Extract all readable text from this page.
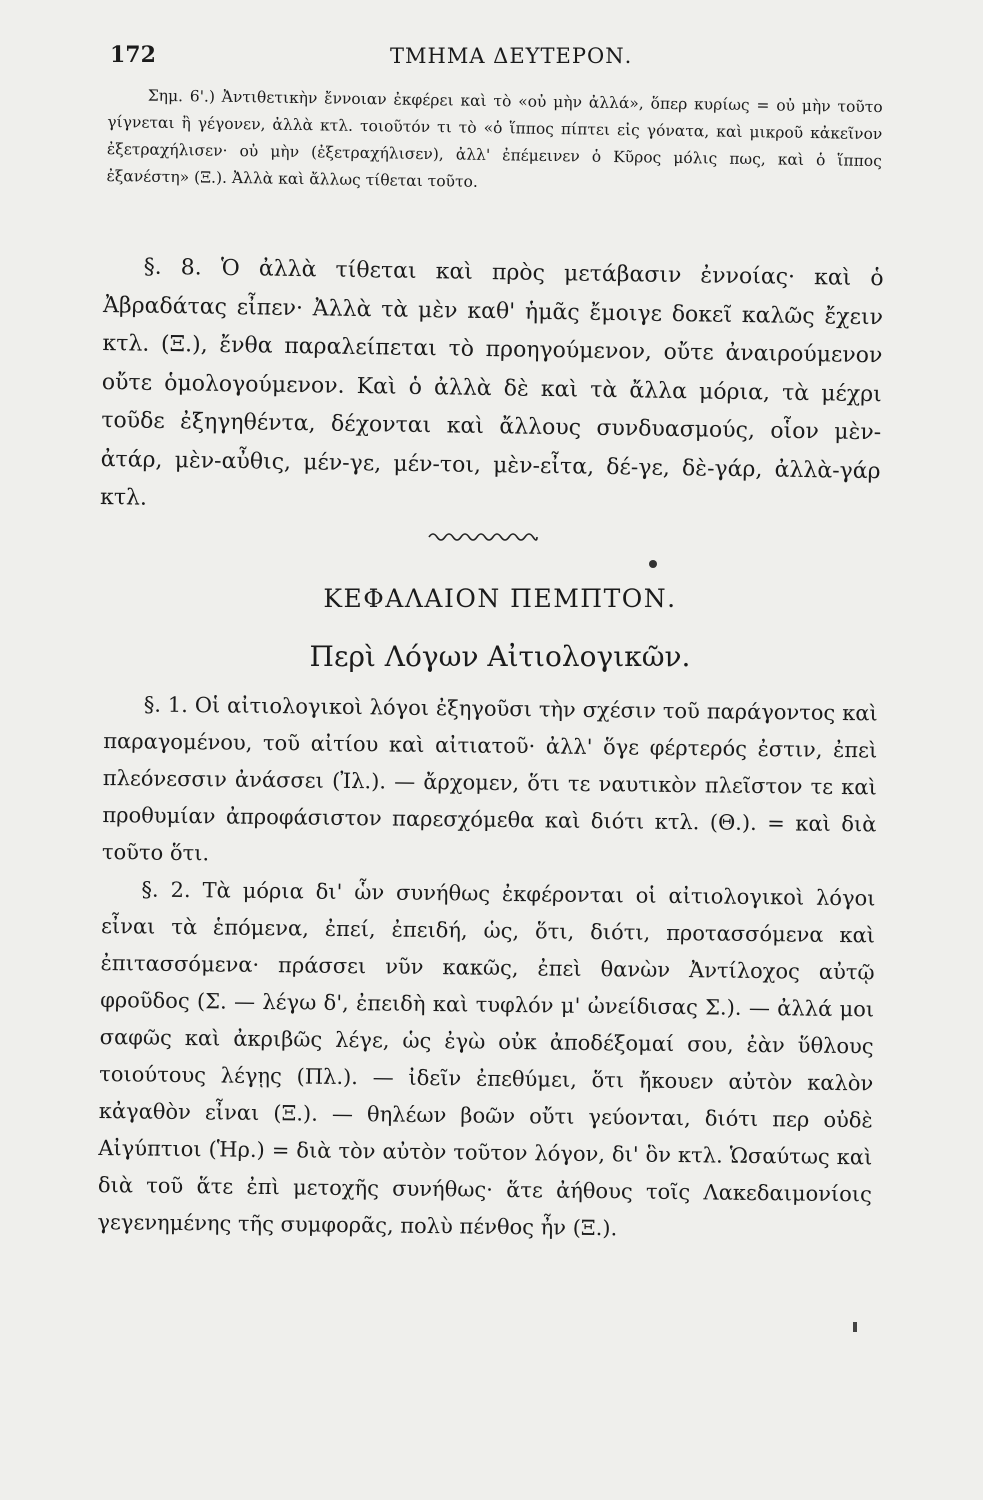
172	ΤΜΗΜΑ ΔΕΥΤΕΡΟΝ.

Σημ. 6'.) Ἀντιθετικὴν ἔννοιαν ἐκφέρει καὶ τὸ «οὐ μὴν ἀλλά», ὅπερ κυρίως = οὐ μὴν τοῦτο γίγνεται ἢ γέγονεν, ἀλλὰ κτλ. τοιοῦτόν τι τὸ «ὁ ἵππος πίπτει εἰς γόνατα, καὶ μικροῦ κἀκεῖνον ἐξετραχήλισεν· οὐ μὴν (ἐξετραχήλισεν), ἀλλ' ἐπέμεινεν ὁ Κῦρος μόλις πως, καὶ ὁ ἵππος ἐξανέστη» (Ξ.). Ἀλλὰ καὶ ἄλλως τίθεται τοῦτο.

§. 8. Ὁ ἀλλὰ τίθεται καὶ πρὸς μετάβασιν ἐννοίας· καὶ ὁ Ἀβραδάτας εἶπεν· Ἀλλὰ τὰ μὲν καθ' ἡμᾶς ἔμοιγε δοκεῖ καλῶς ἔχειν κτλ. (Ξ.), ἔνθα παραλείπεται τὸ προηγούμενον, οὔτε ἀναιρούμενον οὔτε ὁμολογούμενον. Καὶ ὁ ἀλλὰ δὲ καὶ τὰ ἄλλα μόρια, τὰ μέχρι τοῦδε ἐξηγηθέντα, δέχονται καὶ ἄλλους συνδυασμούς, οἷον μὲν-ἀτάρ, μὲν-αὖθις, μέν-γε, μέν-τοι, μὲν-εἶτα, δέ-γε, δὲ-γάρ, ἀλλὰ-γάρ κτλ.

ΚΕΦΑΛΑΙΟΝ ΠΕΜΠΤΟΝ.
Περὶ Λόγων Αἰτιολογικῶν.

§. 1. Οἱ αἰτιολογικοὶ λόγοι ἐξηγοῦσι τὴν σχέσιν τοῦ παράγοντος καὶ παραγομένου, τοῦ αἰτίου καὶ αἰτιατοῦ· ἀλλ' ὅγε φέρτερός ἐστιν, ἐπεὶ πλεόνεσσιν ἀνάσσει (Ἰλ.). — ἄρχομεν, ὅτι τε ναυτικὸν πλεῖστον τε καὶ προθυμίαν ἀπροφάσιστον παρεσχόμεθα καὶ διότι κτλ. (Θ.). = καὶ διὰ τοῦτο ὅτι.

§. 2. Τὰ μόρια δι' ὧν συνήθως ἐκφέρονται οἱ αἰτιολογικοὶ λόγοι εἶναι τὰ ἑπόμενα, ἐπεί, ἐπειδή, ὡς, ὅτι, διότι, προτασσόμενα καὶ ἐπιτασσόμενα· πράσσει νῦν κακῶς, ἐπεὶ θανὼν Ἀντίλοχος αὐτῷ φροῦδος (Σ. — λέγω δ', ἐπειδὴ καὶ τυφλόν μ' ὠνείδισας Σ.). — ἀλλά μοι σαφῶς καὶ ἀκριβῶς λέγε, ὡς ἐγὼ οὐκ ἀποδέξομαί σου, ἐὰν ὕθλους τοιούτους λέγῃς (Πλ.). — ἰδεῖν ἐπεθύμει, ὅτι ἤκουεν αὐτὸν καλὸν κἀγαθὸν εἶναι (Ξ.). — θηλέων βοῶν οὔτι γεύονται, διότι περ οὐδὲ Αἰγύπτιοι (Ἡρ.) = διὰ τὸν αὐτὸν τοῦτον λόγον, δι' ὃν κτλ. Ὡσαύτως καὶ διὰ τοῦ ἅτε ἐπὶ μετοχῆς συνήθως· ἅτε ἀήθους τοῖς Λακεδαιμονίοις γεγενημένης τῆς συμφορᾶς, πολὺ πένθος ἦν (Ξ.).
